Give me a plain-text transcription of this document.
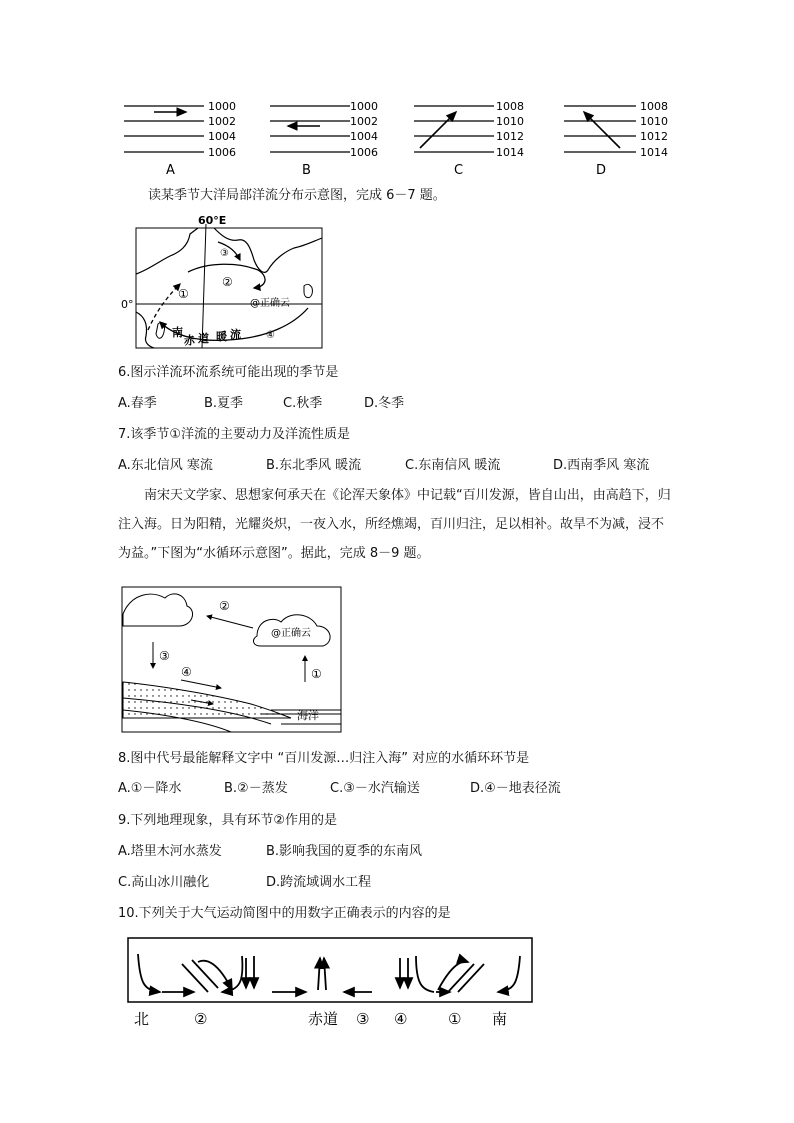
1000
1002
1004
1006
A
1000
1002
1004
1006
B
1008
1010
1012
1014
C
1008
1010
1012
1014
D
读某季节大洋局部洋流分布示意图，完成 6－7 题。
60°E
0°
①
②
③
④
南
赤 道 暖 流
@正确云
6.图示洋流环流系统可能出现的季节是
A.春季	B.夏季	C.秋季	D.冬季
7.该季节①洋流的主要动力及洋流性质是
A.东北信风 寒流	B.东北季风 暖流	C.东南信风 暖流	D.西南季风 寒流
南宋天文学家、思想家何承天在《论浑天象体》中记载“百川发源，皆自山出，由高趋下，归注入海。日为阳精，光耀炎炽，一夜入水，所经燋竭，百川归注，足以相补。故旱不为减，浸不为益。”下图为“水循环示意图”。据此，完成 8－9 题。
@正确云
②
③
①
④
海洋
8.图中代号最能解释文字中 “百川发源…归注入海” 对应的水循环环节是
A.①－降水	B.②－蒸发	C.③－水汽输送	D.④－地表径流
9.下列地理现象，具有环节②作用的是
A.塔里木河水蒸发	B.影响我国的夏季的东南风
C.高山冰川融化	D.跨流域调水工程
10.下列关于大气运动简图中的用数字正确表示的内容的是
北	②	赤道 ③ ④	① 南
